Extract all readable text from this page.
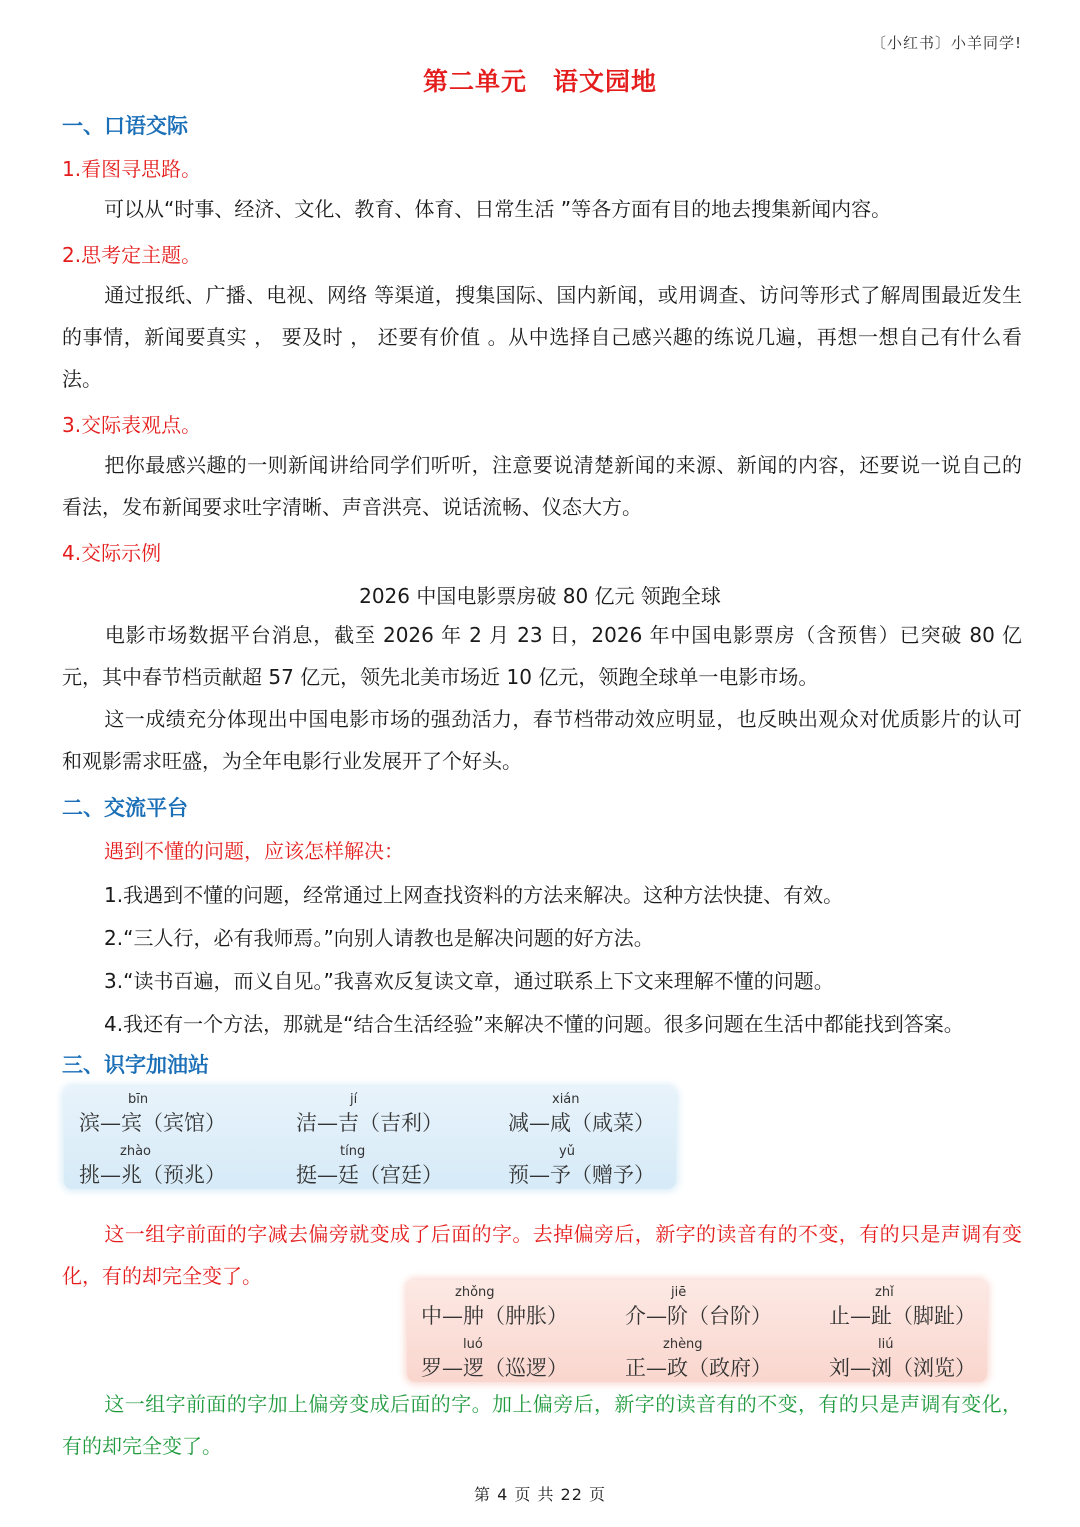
〔小红书〕小羊同学!
第二单元　语文园地
一、口语交际
1.看图寻思路。
可以从“时事、经济、文化、教育、体育、日常生活 ”等各方面有目的地去搜集新闻内容。
2.思考定主题。
通过报纸、广播、电视、网络 等渠道，搜集国际、国内新闻，或用调查、访问等形式了解周围最近发生的事情，新闻要真实 ， 要及时 ， 还要有价值 。从中选择自己感兴趣的练说几遍，再想一想自己有什么看法。
3.交际表观点。
把你最感兴趣的一则新闻讲给同学们听听，注意要说清楚新闻的来源、新闻的内容，还要说一说自己的看法，发布新闻要求吐字清晰、声音洪亮、说话流畅、仪态大方。
4.交际示例
2026 中国电影票房破 80 亿元 领跑全球
电影市场数据平台消息，截至 2026 年 2 月 23 日，2026 年中国电影票房（含预售）已突破 80 亿元，其中春节档贡献超 57 亿元，领先北美市场近 10 亿元，领跑全球单一电影市场。
这一成绩充分体现出中国电影市场的强劲活力，春节档带动效应明显，也反映出观众对优质影片的认可和观影需求旺盛，为全年电影行业发展开了个好头。
二、交流平台
遇到不懂的问题，应该怎样解决：
1.我遇到不懂的问题，经常通过上网查找资料的方法来解决。这种方法快捷、有效。
2.“三人行，必有我师焉。”向别人请教也是解决问题的好方法。
3.“读书百遍，而义自见。”我喜欢反复读文章，通过联系上下文来理解不懂的问题。
4.我还有一个方法，那就是“结合生活经验”来解决不懂的问题。很多问题在生活中都能找到答案。
三、识字加油站
bīn
滨—宾（宾馆）
jí
洁—吉（吉利）
xián
减—咸（咸菜）
zhào
挑—兆（预兆）
tíng
挺—廷（宫廷）
yǔ
预—予（赠予）
这一组字前面的字减去偏旁就变成了后面的字。去掉偏旁后，新字的读音有的不变，有的只是声调有变化，有的却完全变了。
zhǒng
中—肿（肿胀）
jiē
介—阶（台阶）
zhǐ
止—趾（脚趾）
luó
罗—逻（巡逻）
zhèng
正—政（政府）
liú
刘—浏（浏览）
这一组字前面的字加上偏旁变成后面的字。加上偏旁后，新字的读音有的不变，有的只是声调有变化，有的却完全变了。
第 4 页 共 22 页
